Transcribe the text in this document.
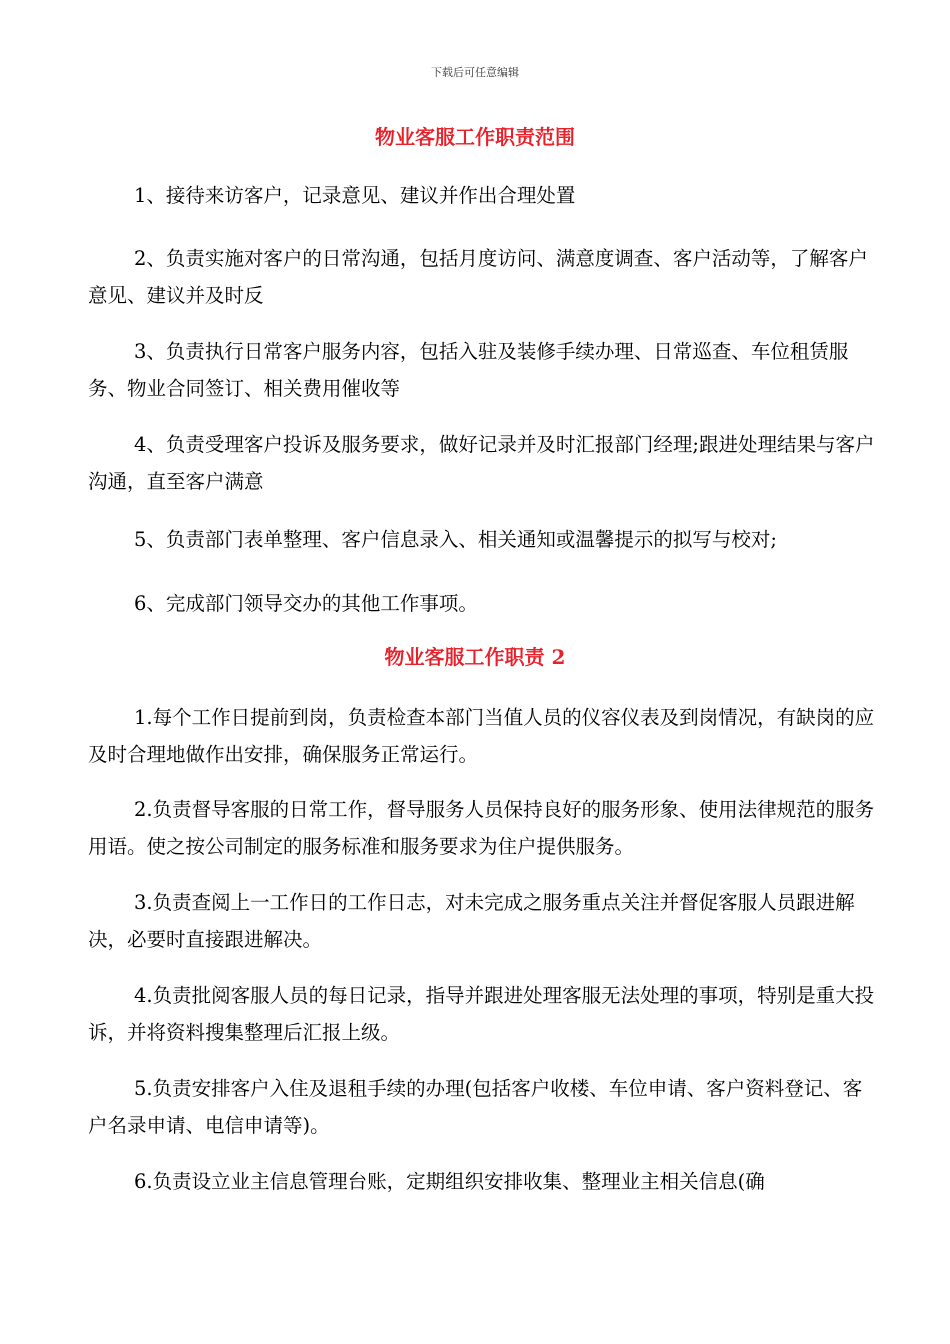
下载后可任意编辑
物业客服工作职责范围
1、接待来访客户，记录意见、建议并作出合理处置
2、负责实施对客户的日常沟通，包括月度访问、满意度调查、客户活动等，了解客户意见、建议并及时反
3、负责执行日常客户服务内容，包括入驻及装修手续办理、日常巡查、车位租赁服务、物业合同签订、相关费用催收等
4、负责受理客户投诉及服务要求，做好记录并及时汇报部门经理;跟进处理结果与客户沟通，直至客户满意
5、负责部门表单整理、客户信息录入、相关通知或温馨提示的拟写与校对;
6、完成部门领导交办的其他工作事项。
物业客服工作职责 2
1.每个工作日提前到岗，负责检查本部门当值人员的仪容仪表及到岗情况，有缺岗的应及时合理地做作出安排，确保服务正常运行。
2.负责督导客服的日常工作，督导服务人员保持良好的服务形象、使用法律规范的服务用语。使之按公司制定的服务标准和服务要求为住户提供服务。
3.负责查阅上一工作日的工作日志，对未完成之服务重点关注并督促客服人员跟进解决，必要时直接跟进解决。
4.负责批阅客服人员的每日记录，指导并跟进处理客服无法处理的事项，特别是重大投诉，并将资料搜集整理后汇报上级。
5.负责安排客户入住及退租手续的办理(包括客户收楼、车位申请、客户资料登记、客户名录申请、电信申请等)。
6.负责设立业主信息管理台账，定期组织安排收集、整理业主相关信息(确
